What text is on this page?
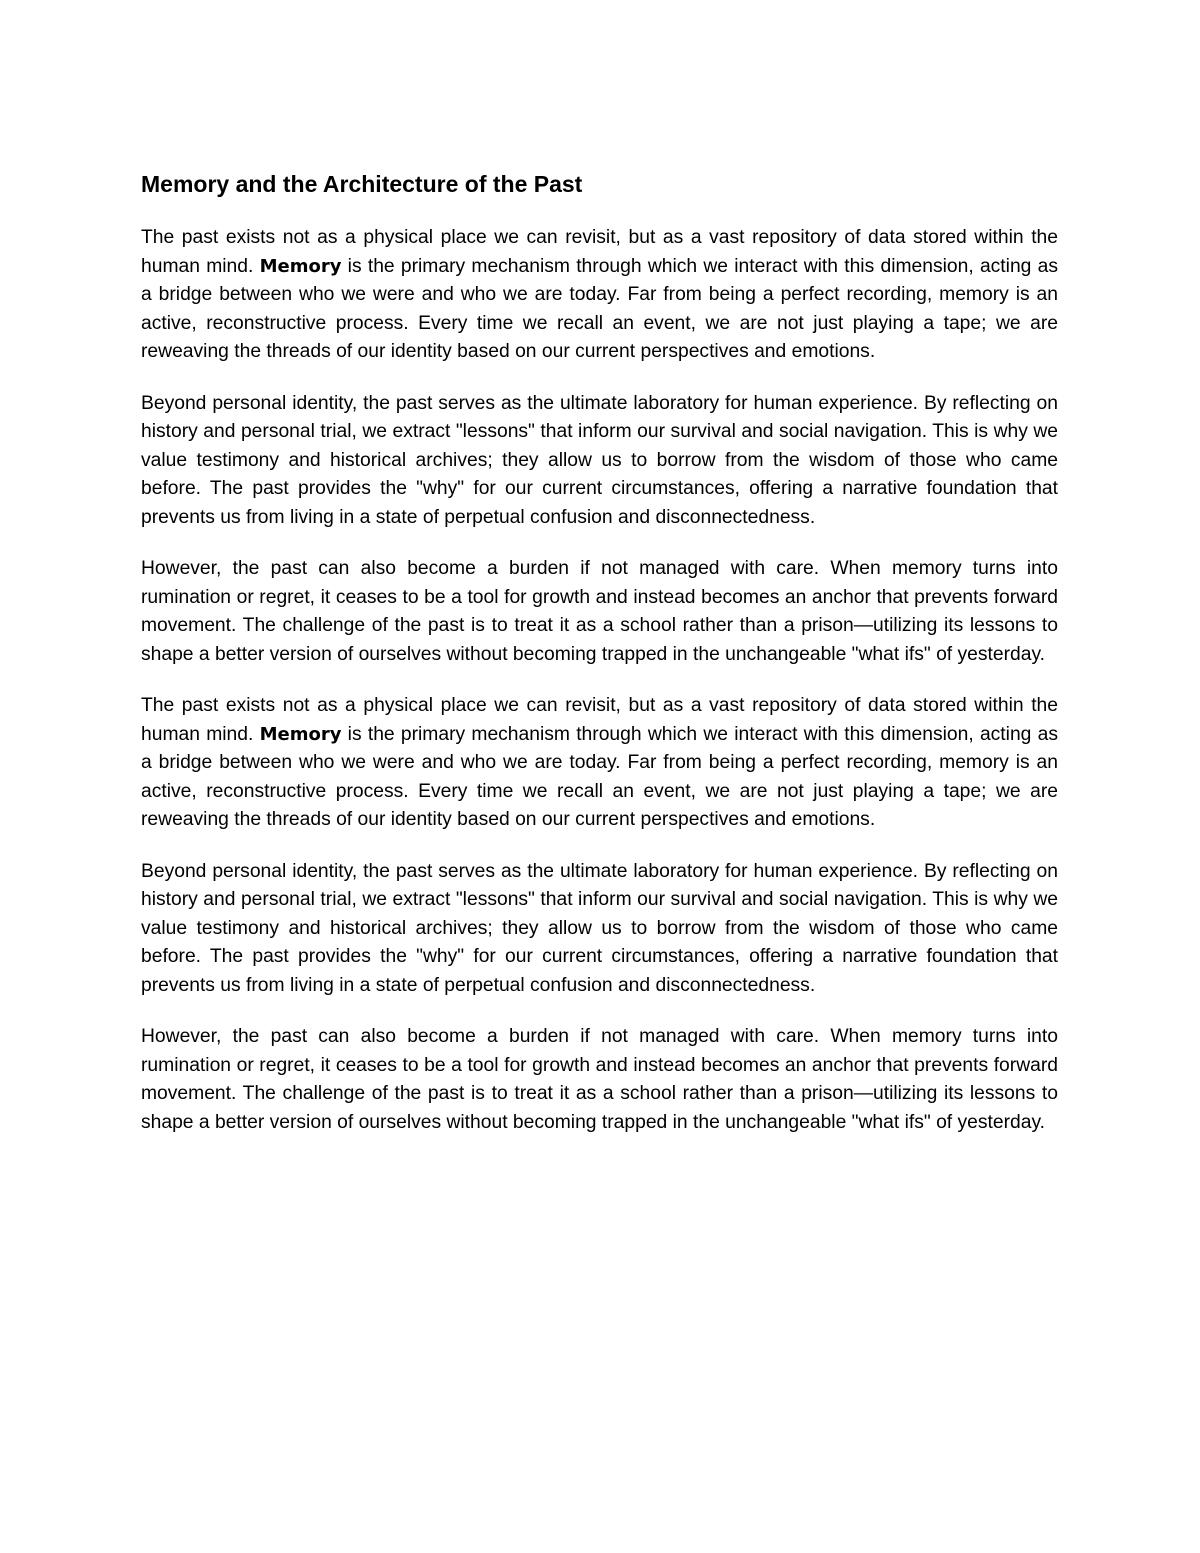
Memory and the Architecture of the Past

The past exists not as a physical place we can revisit, but as a vast repository of data stored within the human mind. Memory is the primary mechanism through which we interact with this dimension, acting as a bridge between who we were and who we are today. Far from being a perfect recording, memory is an active, reconstructive process. Every time we recall an event, we are not just playing a tape; we are reweaving the threads of our identity based on our current perspectives and emotions.

Beyond personal identity, the past serves as the ultimate laboratory for human experience. By reflecting on history and personal trial, we extract "lessons" that inform our survival and social navigation. This is why we value testimony and historical archives; they allow us to borrow from the wisdom of those who came before. The past provides the "why" for our current circumstances, offering a narrative foundation that prevents us from living in a state of perpetual confusion and disconnectedness.

However, the past can also become a burden if not managed with care. When memory turns into rumination or regret, it ceases to be a tool for growth and instead becomes an anchor that prevents forward movement. The challenge of the past is to treat it as a school rather than a prison—utilizing its lessons to shape a better version of ourselves without becoming trapped in the unchangeable "what ifs" of yesterday.

The past exists not as a physical place we can revisit, but as a vast repository of data stored within the human mind. Memory is the primary mechanism through which we interact with this dimension, acting as a bridge between who we were and who we are today. Far from being a perfect recording, memory is an active, reconstructive process. Every time we recall an event, we are not just playing a tape; we are reweaving the threads of our identity based on our current perspectives and emotions.

Beyond personal identity, the past serves as the ultimate laboratory for human experience. By reflecting on history and personal trial, we extract "lessons" that inform our survival and social navigation. This is why we value testimony and historical archives; they allow us to borrow from the wisdom of those who came before. The past provides the "why" for our current circumstances, offering a narrative foundation that prevents us from living in a state of perpetual confusion and disconnectedness.

However, the past can also become a burden if not managed with care. When memory turns into rumination or regret, it ceases to be a tool for growth and instead becomes an anchor that prevents forward movement. The challenge of the past is to treat it as a school rather than a prison—utilizing its lessons to shape a better version of ourselves without becoming trapped in the unchangeable "what ifs" of yesterday.
